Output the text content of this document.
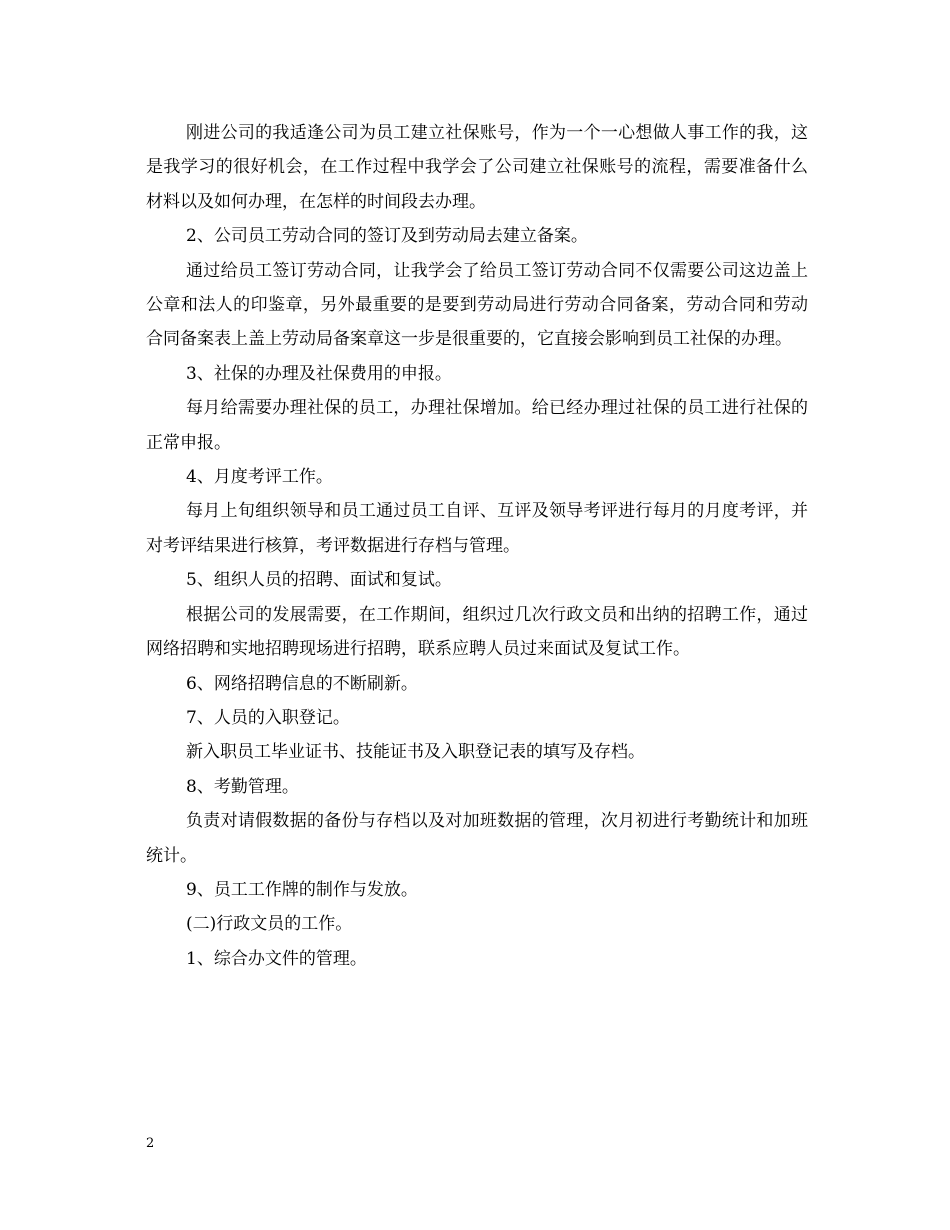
刚进公司的我适逢公司为员工建立社保账号，作为一个一心想做人事工作的我，这是我学习的很好机会，在工作过程中我学会了公司建立社保账号的流程，需要准备什么材料以及如何办理，在怎样的时间段去办理。

2、公司员工劳动合同的签订及到劳动局去建立备案。

通过给员工签订劳动合同，让我学会了给员工签订劳动合同不仅需要公司这边盖上公章和法人的印鉴章，另外最重要的是要到劳动局进行劳动合同备案，劳动合同和劳动合同备案表上盖上劳动局备案章这一步是很重要的，它直接会影响到员工社保的办理。

3、社保的办理及社保费用的申报。

每月给需要办理社保的员工，办理社保增加。给已经办理过社保的员工进行社保的正常申报。

4、月度考评工作。

每月上旬组织领导和员工通过员工自评、互评及领导考评进行每月的月度考评，并对考评结果进行核算，考评数据进行存档与管理。

5、组织人员的招聘、面试和复试。

根据公司的发展需要，在工作期间，组织过几次行政文员和出纳的招聘工作，通过网络招聘和实地招聘现场进行招聘，联系应聘人员过来面试及复试工作。

6、网络招聘信息的不断刷新。

7、人员的入职登记。

新入职员工毕业证书、技能证书及入职登记表的填写及存档。

8、考勤管理。

负责对请假数据的备份与存档以及对加班数据的管理，次月初进行考勤统计和加班统计。

9、员工工作牌的制作与发放。

(二)行政文员的工作。

1、综合办文件的管理。

2
